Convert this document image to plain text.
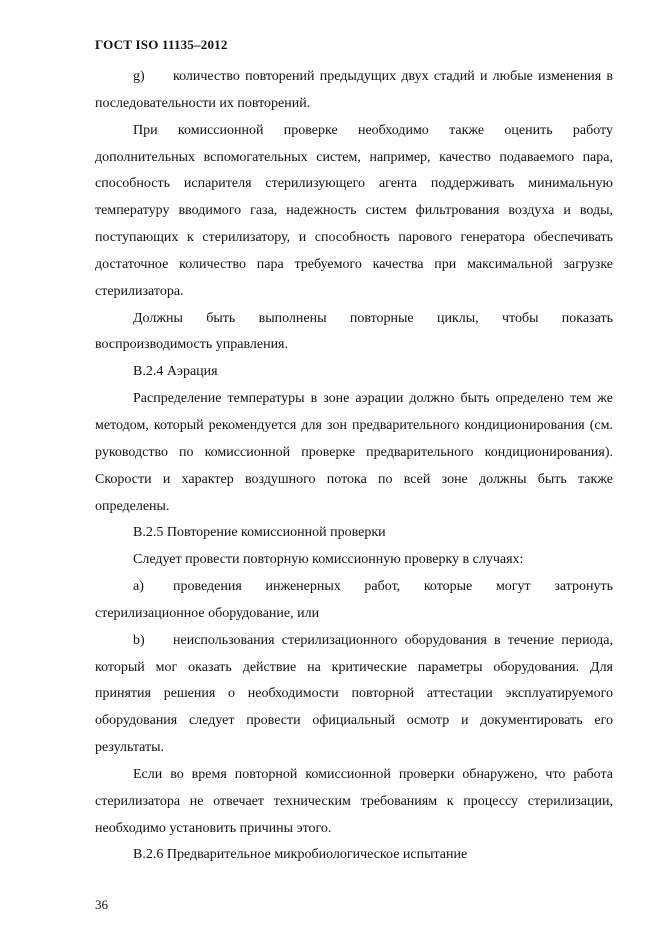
ГОСТ ISO 11135–2012

g) количество повторений предыдущих двух стадий и любые изменения в последовательности их повторений.

При комиссионной проверке необходимо также оценить работу дополнительных вспомогательных систем, например, качество подаваемого пара, способность испарителя стерилизующего агента поддерживать минимальную температуру вводимого газа, надежность систем фильтрования воздуха и воды, поступающих к стерилизатору, и способность парового генератора обеспечивать достаточное количество пара требуемого качества при максимальной загрузке стерилизатора.

Должны быть выполнены повторные циклы, чтобы показать воспроизводимость управления.

B.2.4 Аэрация

Распределение температуры в зоне аэрации должно быть определено тем же методом, который рекомендуется для зон предварительного кондиционирования (см. руководство по комиссионной проверке предварительного кондиционирования). Скорости и характер воздушного потока по всей зоне должны быть также определены.

B.2.5 Повторение комиссионной проверки

Следует провести повторную комиссионную проверку в случаях:

a) проведения инженерных работ, которые могут затронуть стерилизационное оборудование, или

b) неиспользования стерилизационного оборудования в течение периода, который мог оказать действие на критические параметры оборудования. Для принятия решения о необходимости повторной аттестации эксплуатируемого оборудования следует провести официальный осмотр и документировать его результаты.

Если во время повторной комиссионной проверки обнаружено, что работа стерилизатора не отвечает техническим требованиям к процессу стерилизации, необходимо установить причины этого.

B.2.6 Предварительное микробиологическое испытание

36
